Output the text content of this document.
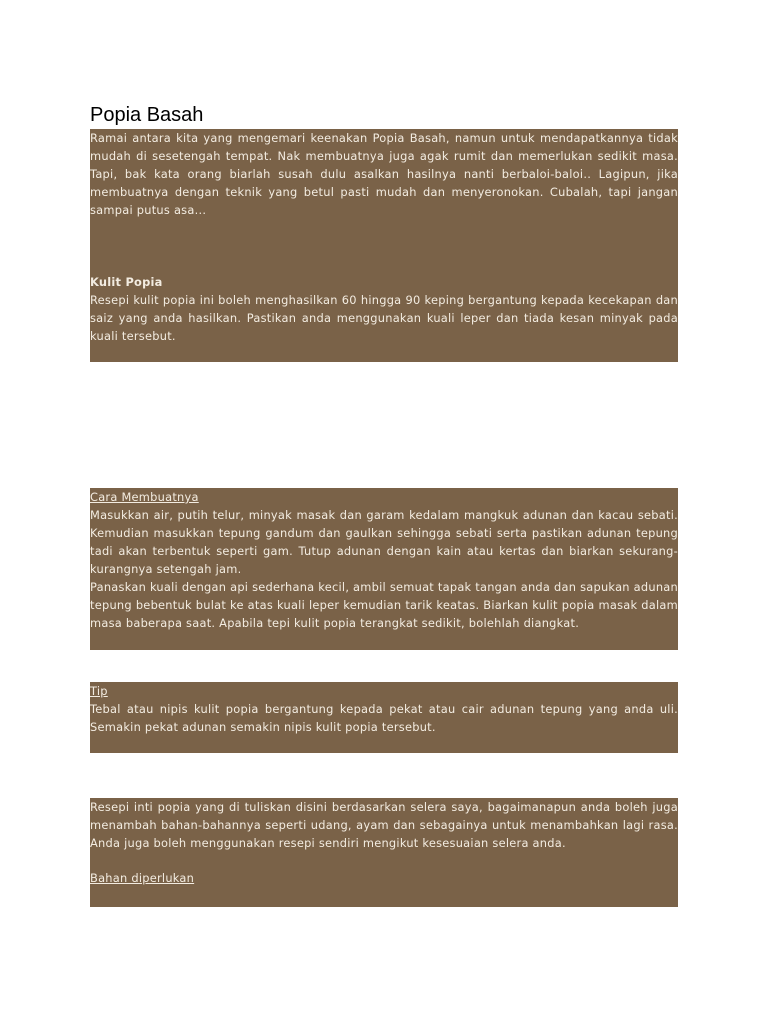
Popia Basah

Ramai antara kita yang mengemari keenakan Popia Basah, namun untuk mendapatkannya tidak mudah di sesetengah tempat. Nak membuatnya juga agak rumit dan memerlukan sedikit masa. Tapi, bak kata orang biarlah susah dulu asalkan hasilnya nanti berbaloi-baloi.. Lagipun, jika membuatnya dengan teknik yang betul pasti mudah dan menyeronokan. Cubalah, tapi jangan sampai putus asa...

Kulit Popia

Resepi kulit popia ini boleh menghasilkan 60 hingga 90 keping bergantung kepada kecekapan dan saiz yang anda hasilkan. Pastikan anda menggunakan kuali leper dan tiada kesan minyak pada kuali tersebut.

Cara Membuatnya

Masukkan air, putih telur, minyak masak dan garam kedalam mangkuk adunan dan kacau sebati. Kemudian masukkan tepung gandum dan gaulkan sehingga sebati serta pastikan adunan tepung tadi akan terbentuk seperti gam. Tutup adunan dengan kain atau kertas dan biarkan sekurang-kurangnya setengah jam.

Panaskan kuali dengan api sederhana kecil, ambil semuat tapak tangan anda dan sapukan adunan tepung bebentuk bulat ke atas kuali leper kemudian tarik keatas. Biarkan kulit popia masak dalam masa baberapa saat. Apabila tepi kulit popia terangkat sedikit, bolehlah diangkat.

Tip

Tebal atau nipis kulit popia bergantung kepada pekat atau cair adunan tepung yang anda uli. Semakin pekat adunan semakin nipis kulit popia tersebut.

Resepi inti popia yang di tuliskan disini berdasarkan selera saya, bagaimanapun anda boleh juga menambah bahan-bahannya seperti udang, ayam dan sebagainya untuk menambahkan lagi rasa. Anda juga boleh menggunakan resepi sendiri mengikut kesesuaian selera anda.

Bahan diperlukan
